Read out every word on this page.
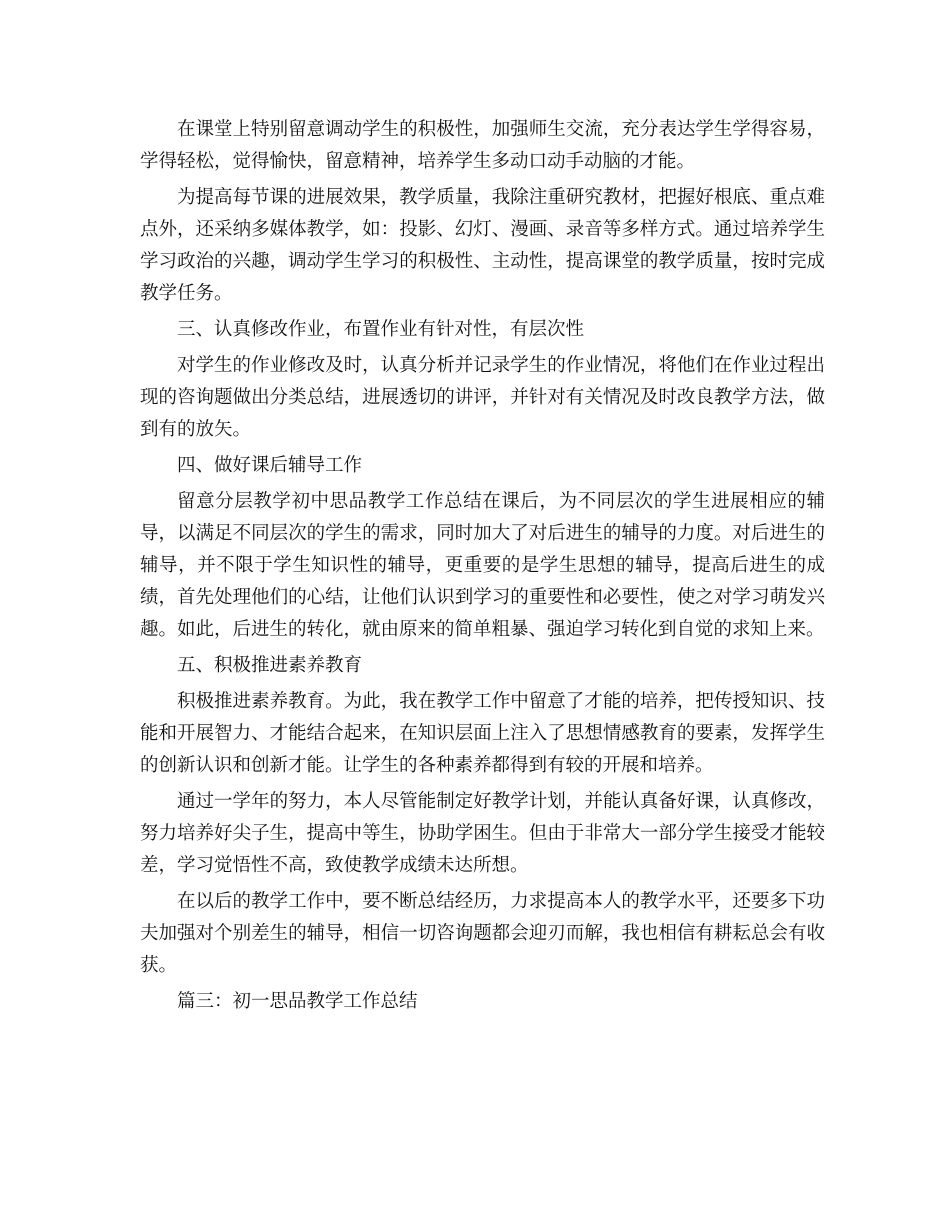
在课堂上特别留意调动学生的积极性，加强师生交流，充分表达学生学得容易，学得轻松，觉得愉快，留意精神，培养学生多动口动手动脑的才能。

为提高每节课的进展效果，教学质量，我除注重研究教材，把握好根底、重点难点外，还采纳多媒体教学，如：投影、幻灯、漫画、录音等多样方式。通过培养学生学习政治的兴趣，调动学生学习的积极性、主动性，提高课堂的教学质量，按时完成教学任务。

三、认真修改作业，布置作业有针对性，有层次性

对学生的作业修改及时，认真分析并记录学生的作业情况，将他们在作业过程出现的咨询题做出分类总结，进展透切的讲评，并针对有关情况及时改良教学方法，做到有的放矢。

四、做好课后辅导工作

留意分层教学初中思品教学工作总结在课后，为不同层次的学生进展相应的辅导，以满足不同层次的学生的需求，同时加大了对后进生的辅导的力度。对后进生的辅导，并不限于学生知识性的辅导，更重要的是学生思想的辅导，提高后进生的成绩，首先处理他们的心结，让他们认识到学习的重要性和必要性，使之对学习萌发兴趣。如此，后进生的转化，就由原来的简单粗暴、强迫学习转化到自觉的求知上来。

五、积极推进素养教育

积极推进素养教育。为此，我在教学工作中留意了才能的培养，把传授知识、技能和开展智力、才能结合起来，在知识层面上注入了思想情感教育的要素，发挥学生的创新认识和创新才能。让学生的各种素养都得到有较的开展和培养。

通过一学年的努力，本人尽管能制定好教学计划，并能认真备好课，认真修改，努力培养好尖子生，提高中等生，协助学困生。但由于非常大一部分学生接受才能较差，学习觉悟性不高，致使教学成绩未达所想。

在以后的教学工作中，要不断总结经历，力求提高本人的教学水平，还要多下功夫加强对个别差生的辅导，相信一切咨询题都会迎刃而解，我也相信有耕耘总会有收获。

篇三：初一思品教学工作总结
